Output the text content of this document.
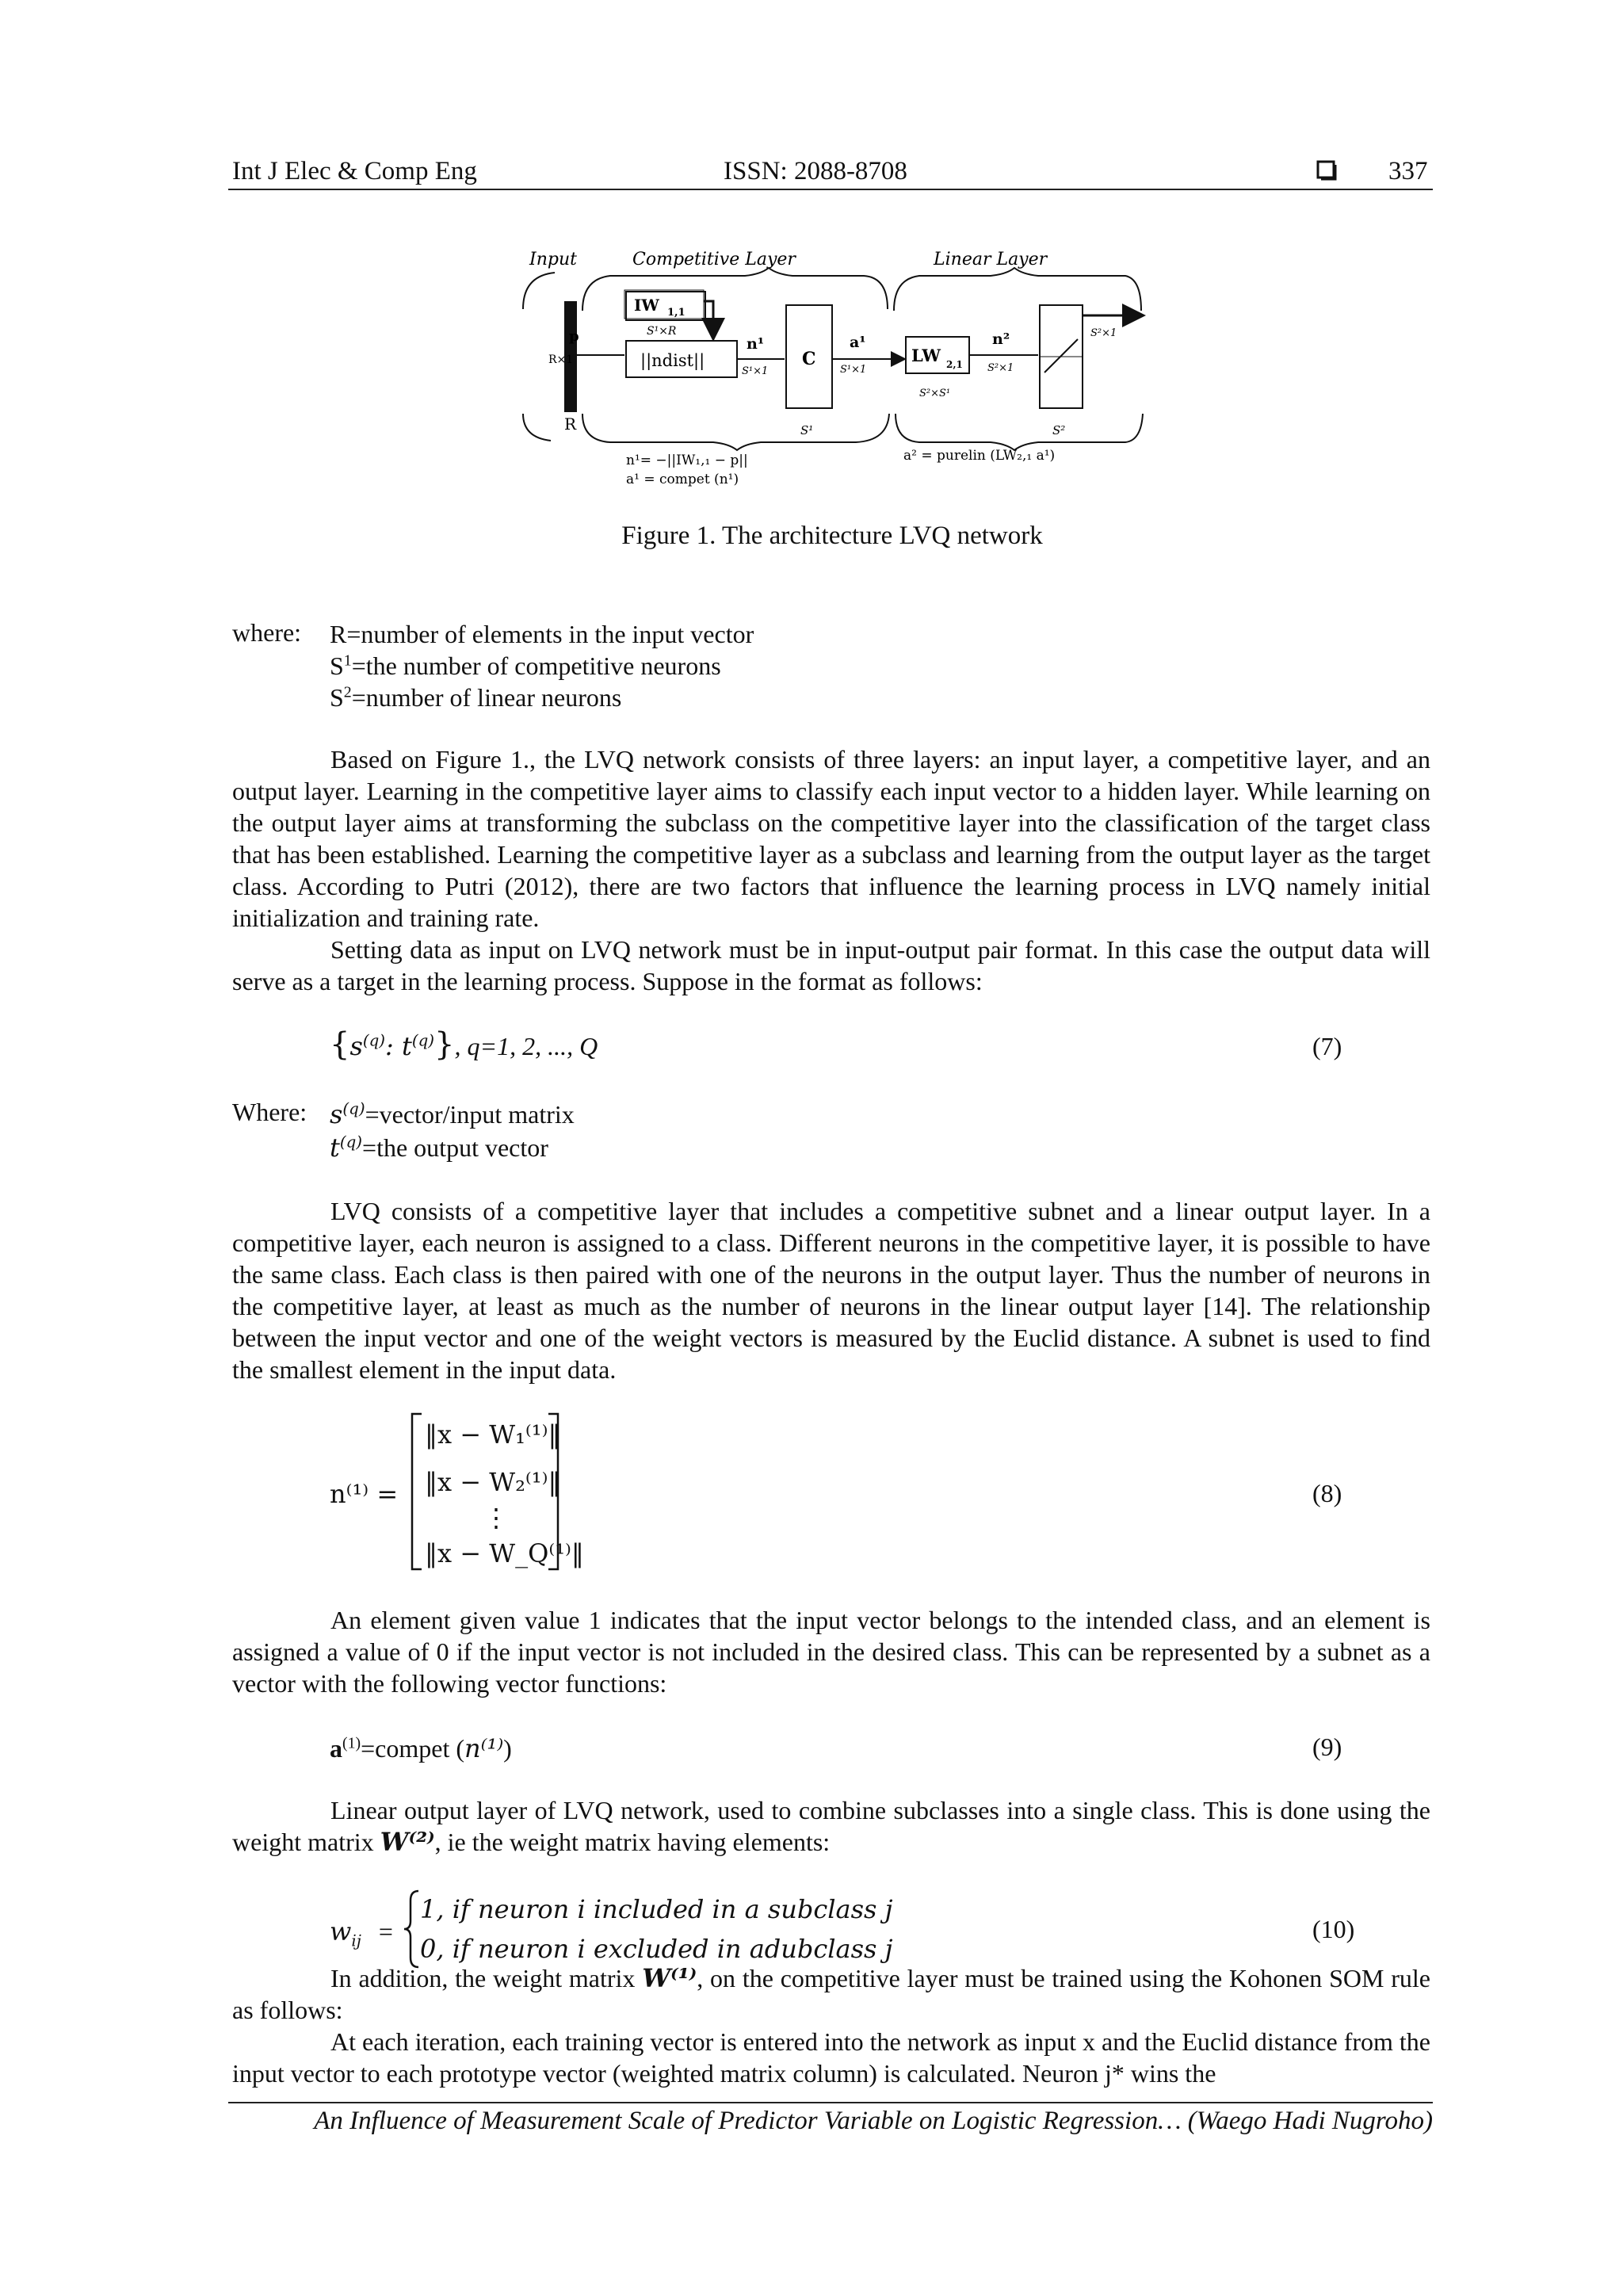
Int J Elec & Comp Eng	ISSN: 2088-8708	337
Input	Competitive Layer	Linear Layer
p
R×1
IW 1,1
S¹×R
||ndist||
n¹
S¹×1
C
S¹
a¹
S¹×1
LW 2,1
S²×S¹
n²
S²×1
S²
S²×1
R
n¹= −||IW₁,₁ − p||
a¹ = compet (n¹)
a² = purelin (LW₂,₁ a¹)
Figure 1. The architecture LVQ network
where: R=number of elements in the input vector
$S^1=the$ number of competitive neurons
$S^2=number$ of linear neurons

Based on Figure 1., the LVQ network consists of three layers: an input layer, a competitive layer, and an output layer. Learning in the competitive layer aims to classify each input vector to a hidden layer. While learning on the output layer aims at transforming the subclass on the competitive layer into the classification of the target class that has been established. Learning the competitive layer as a subclass and learning from the output layer as the target class. According to Putri (2012), there are two factors that influence the learning process in LVQ namely initial initialization and training rate.

Setting data as input on LVQ network must be in input-output pair format. In this case the output data will serve as a target in the learning process. Suppose in the format as follows:

{$s^{(q)}$: $t^{(q)}$}, q=1, 2, ..., Q	(7)
Where: $s^{(q)}=vector$/input matrix
$t^{(q)}=the$ output vector

LVQ consists of a competitive layer that includes a competitive subnet and a linear output layer. In a competitive layer, each neuron is assigned to a class. Different neurons in the competitive layer, it is possible to have the same class. Each class is then paired with one of the neurons in the output layer. Thus the number of neurons in the competitive layer, at least as much as the number of neurons in the linear output layer [14]. The relationship between the input vector and one of the weight vectors is measured by the Euclid distance. A subnet is used to find the smallest element in the input data.

n⁽¹⁾ =
‖x − W₁⁽¹⁾‖
‖x − W₂⁽¹⁾‖
⋮
‖x − W_Q⁽¹⁾‖
(8)

An element given value 1 indicates that the input vector belongs to the intended class, and an element is assigned a value of 0 if the input vector is not included in the desired class. This can be represented by a subnet as a vector with the following vector functions:

$a^{(1)}=compet$ (n⁽¹⁾)	(9)

Linear output layer of LVQ network, used to combine subclasses into a single class. This is done using the weight matrix W⁽²⁾, ie the weight matrix having elements:

$w_{ij}$ =
1, if neuron i included in a subclass j
0, if neuron i excluded in adubclass j
(10)

In addition, the weight matrix W⁽¹⁾, on the competitive layer must be trained using the Kohonen SOM rule as follows:

At each iteration, each training vector is entered into the network as input x and the Euclid distance from the input vector to each prototype vector (weighted matrix column) is calculated. Neuron j* wins the

An Influence of Measurement Scale of Predictor Variable on Logistic Regression… (Waego Hadi Nugroho)
